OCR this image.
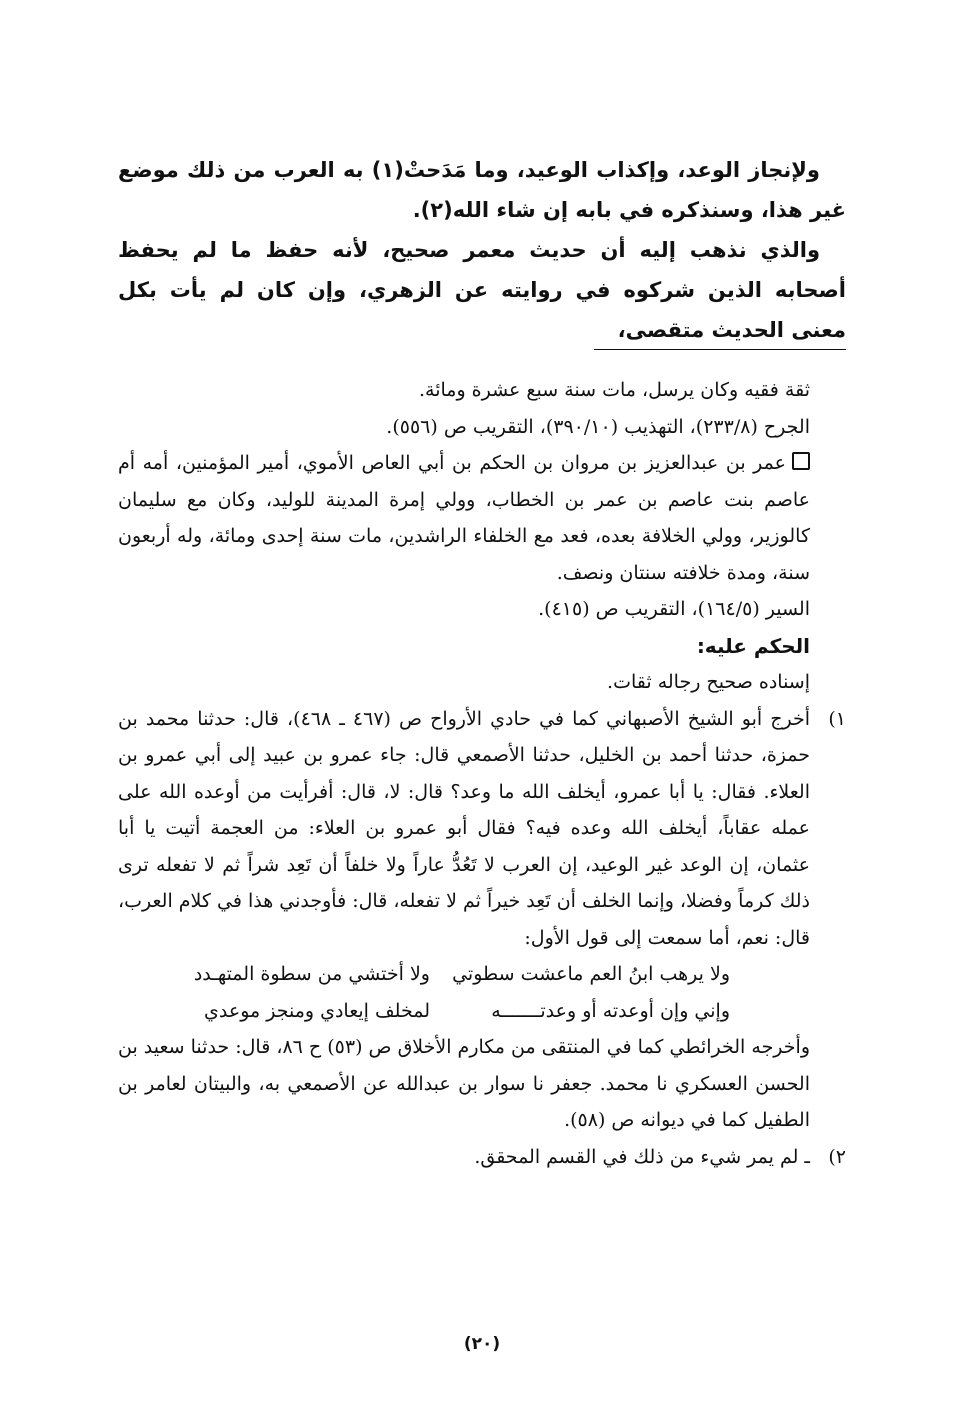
ولإنجاز الوعد، وإكذاب الوعيد، وما مَدَحتْ(١) به العرب من ذلك موضع غير هذا، وسنذكره في بابه إن شاء الله(٢).

والذي نذهب إليه أن حديث معمر صحيح، لأنه حفظ ما لم يحفظ أصحابه الذين شركوه في روايته عن الزهري، وإن كان لم يأت بكل معنى الحديث متقصى،

ثقة فقيه وكان يرسل، مات سنة سبع عشرة ومائة.

الجرح (٢٣٣/٨)، التهذيب (٣٩٠/١٠)، التقريب ص (٥٥٦).

عمر بن عبدالعزيز بن مروان بن الحكم بن أبي العاص الأموي، أمير المؤمنين، أمه أم عاصم بنت عاصم بن عمر بن الخطاب، وولي إمرة المدينة للوليد، وكان مع سليمان كالوزير، وولي الخلافة بعده، فعد مع الخلفاء الراشدين، مات سنة إحدى ومائة، وله أربعون سنة، ومدة خلافته سنتان ونصف.

السير (١٦٤/٥)، التقريب ص (٤١٥).

الحكم عليه:

إسناده صحيح رجاله ثقات.

١)

أخرج أبو الشيخ الأصبهاني كما في حادي الأرواح ص (٤٦٧ ـ ٤٦٨)، قال: حدثنا محمد بن حمزة، حدثنا أحمد بن الخليل، حدثنا الأصمعي قال: جاء عمرو بن عبيد إلى أبي عمرو بن العلاء. فقال: يا أبا عمرو، أيخلف الله ما وعد؟ قال: لا، قال: أفرأيت من أوعده الله على عمله عقاباً، أيخلف الله وعده فيه؟ فقال أبو عمرو بن العلاء: من العجمة أتيت يا أبا عثمان، إن الوعد غير الوعيد، إن العرب لا تَعُدُّ عاراً ولا خلفاً أن تَعِد شراً ثم لا تفعله ترى ذلك كرماً وفضلا، وإنما الخلف أن تَعِد خيراً ثم لا تفعله، قال: فأوجدني هذا في كلام العرب، قال: نعم، أما سمعت إلى قول الأول:

ولا يرهب ابنُ العم ماعشت سطوتي
ولا أختشي من سطوة المتهـدد
وإني وإن أوعدته أو وعدتـــــــه
لمخلف إيعادي ومنجز موعدي

وأخرجه الخرائطي كما في المنتقى من مكارم الأخلاق ص (٥٣) ح ٨٦، قال: حدثنا سعيد بن الحسن العسكري نا محمد. جعفر نا سوار بن عبدالله عن الأصمعي به، والبيتان لعامر بن الطفيل كما في ديوانه ص (٥٨).

٢)

ـ لم يمر شيء من ذلك في القسم المحقق.

(٢٠)
